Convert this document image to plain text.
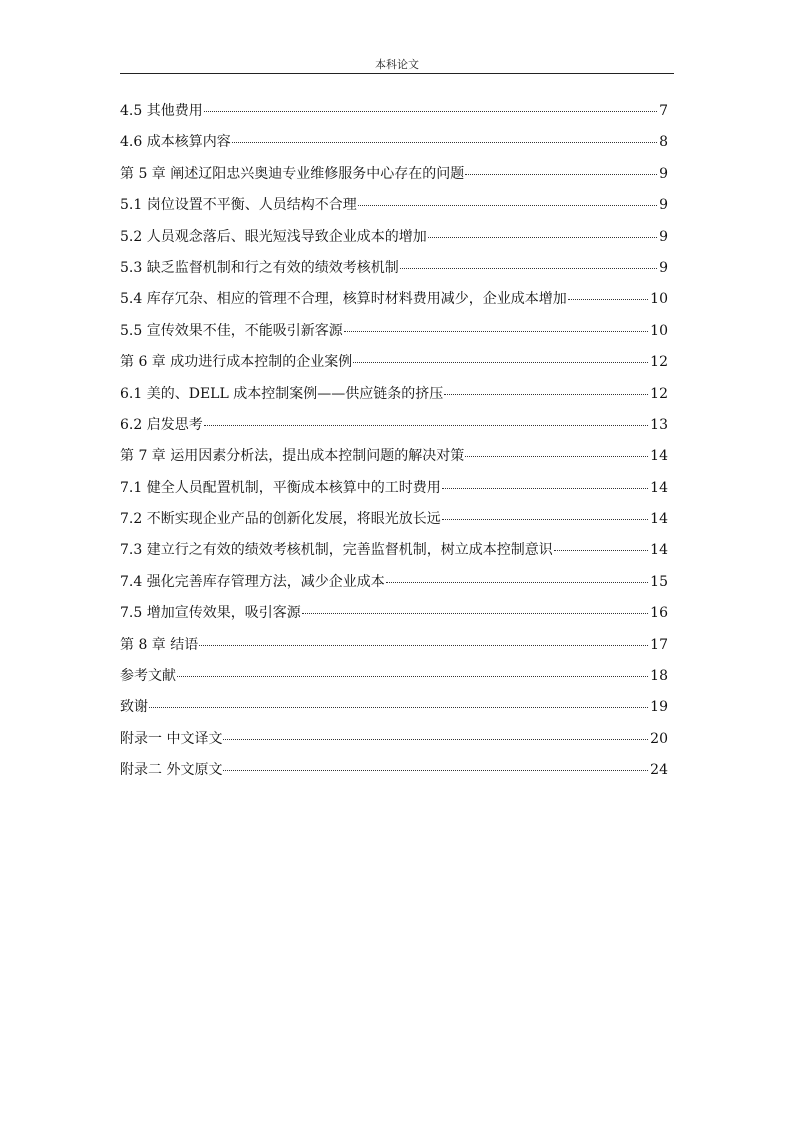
本科论文
4.5 其他费用	7
4.6 成本核算内容	8
第 5 章 阐述辽阳忠兴奥迪专业维修服务中心存在的问题	9
5.1 岗位设置不平衡、人员结构不合理	9
5.2 人员观念落后、眼光短浅导致企业成本的增加	9
5.3 缺乏监督机制和行之有效的绩效考核机制	9
5.4 库存冗杂、相应的管理不合理，核算时材料费用减少，企业成本增加	10
5.5 宣传效果不佳，不能吸引新客源	10
第 6 章 成功进行成本控制的企业案例	12
6.1 美的、DELL 成本控制案例——供应链条的挤压	12
6.2 启发思考	13
第 7 章 运用因素分析法，提出成本控制问题的解决对策	14
7.1 健全人员配置机制，平衡成本核算中的工时费用	14
7.2 不断实现企业产品的创新化发展，将眼光放长远	14
7.3 建立行之有效的绩效考核机制，完善监督机制，树立成本控制意识	14
7.4 强化完善库存管理方法，减少企业成本	15
7.5 增加宣传效果，吸引客源	16
第 8 章 结语	17
参考文献	18
致谢	19
附录一 中文译文	20
附录二 外文原文	24
